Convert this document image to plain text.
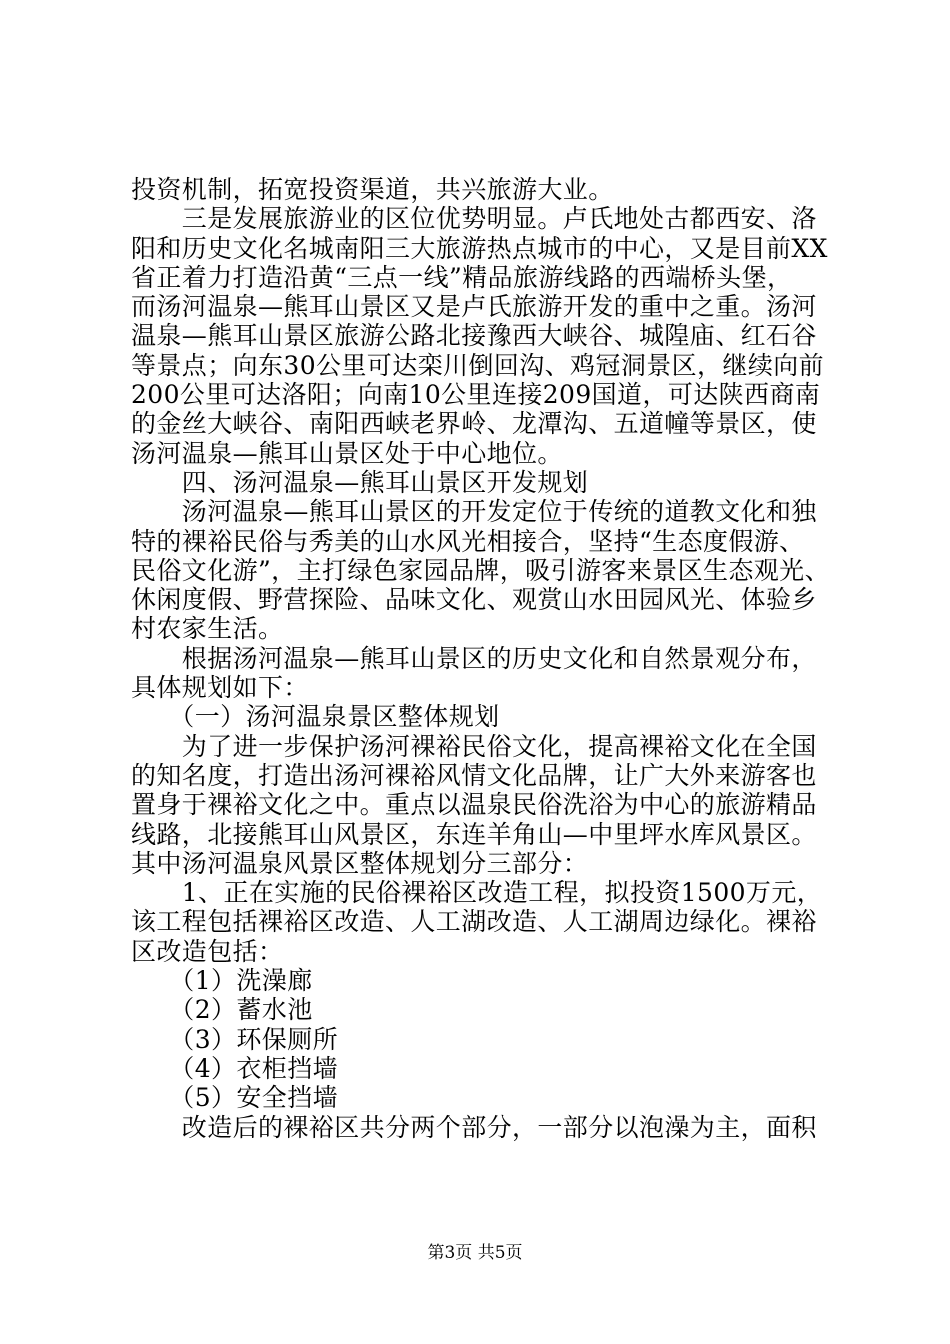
投资机制，拓宽投资渠道，共兴旅游大业。
　　三是发展旅游业的区位优势明显。卢氏地处古都西安、洛
阳和历史文化名城南阳三大旅游热点城市的中心，又是目前XX
省正着力打造沿黄“三点一线”精品旅游线路的西端桥头堡，
而汤河温泉—熊耳山景区又是卢氏旅游开发的重中之重。汤河
温泉—熊耳山景区旅游公路北接豫西大峡谷、城隍庙、红石谷
等景点；向东30公里可达栾川倒回沟、鸡冠洞景区，继续向前
200公里可达洛阳；向南10公里连接209国道，可达陕西商南
的金丝大峡谷、南阳西峡老界岭、龙潭沟、五道幢等景区，使
汤河温泉—熊耳山景区处于中心地位。
　　四、汤河温泉—熊耳山景区开发规划
　　汤河温泉—熊耳山景区的开发定位于传统的道教文化和独
特的裸裕民俗与秀美的山水风光相接合，坚持“生态度假游、
民俗文化游”，主打绿色家园品牌，吸引游客来景区生态观光、
休闲度假、野营探险、品味文化、观赏山水田园风光、体验乡
村农家生活。
　　根据汤河温泉—熊耳山景区的历史文化和自然景观分布，
具体规划如下：
　　（一）汤河温泉景区整体规划
　　为了进一步保护汤河裸裕民俗文化，提高裸裕文化在全国
的知名度，打造出汤河裸裕风情文化品牌，让广大外来游客也
置身于裸裕文化之中。重点以温泉民俗洗浴为中心的旅游精品
线路，北接熊耳山风景区，东连羊角山—中里坪水库风景区。
其中汤河温泉风景区整体规划分三部分：
　　1、正在实施的民俗裸裕区改造工程，拟投资1500万元，
该工程包括裸裕区改造、人工湖改造、人工湖周边绿化。裸裕
区改造包括：
　　（1）洗澡廊
　　（2）蓄水池
　　（3）环保厕所
　　（4）衣柜挡墙
　　（5）安全挡墙
　　改造后的裸裕区共分两个部分，一部分以泡澡为主，面积
第3页 共5页
